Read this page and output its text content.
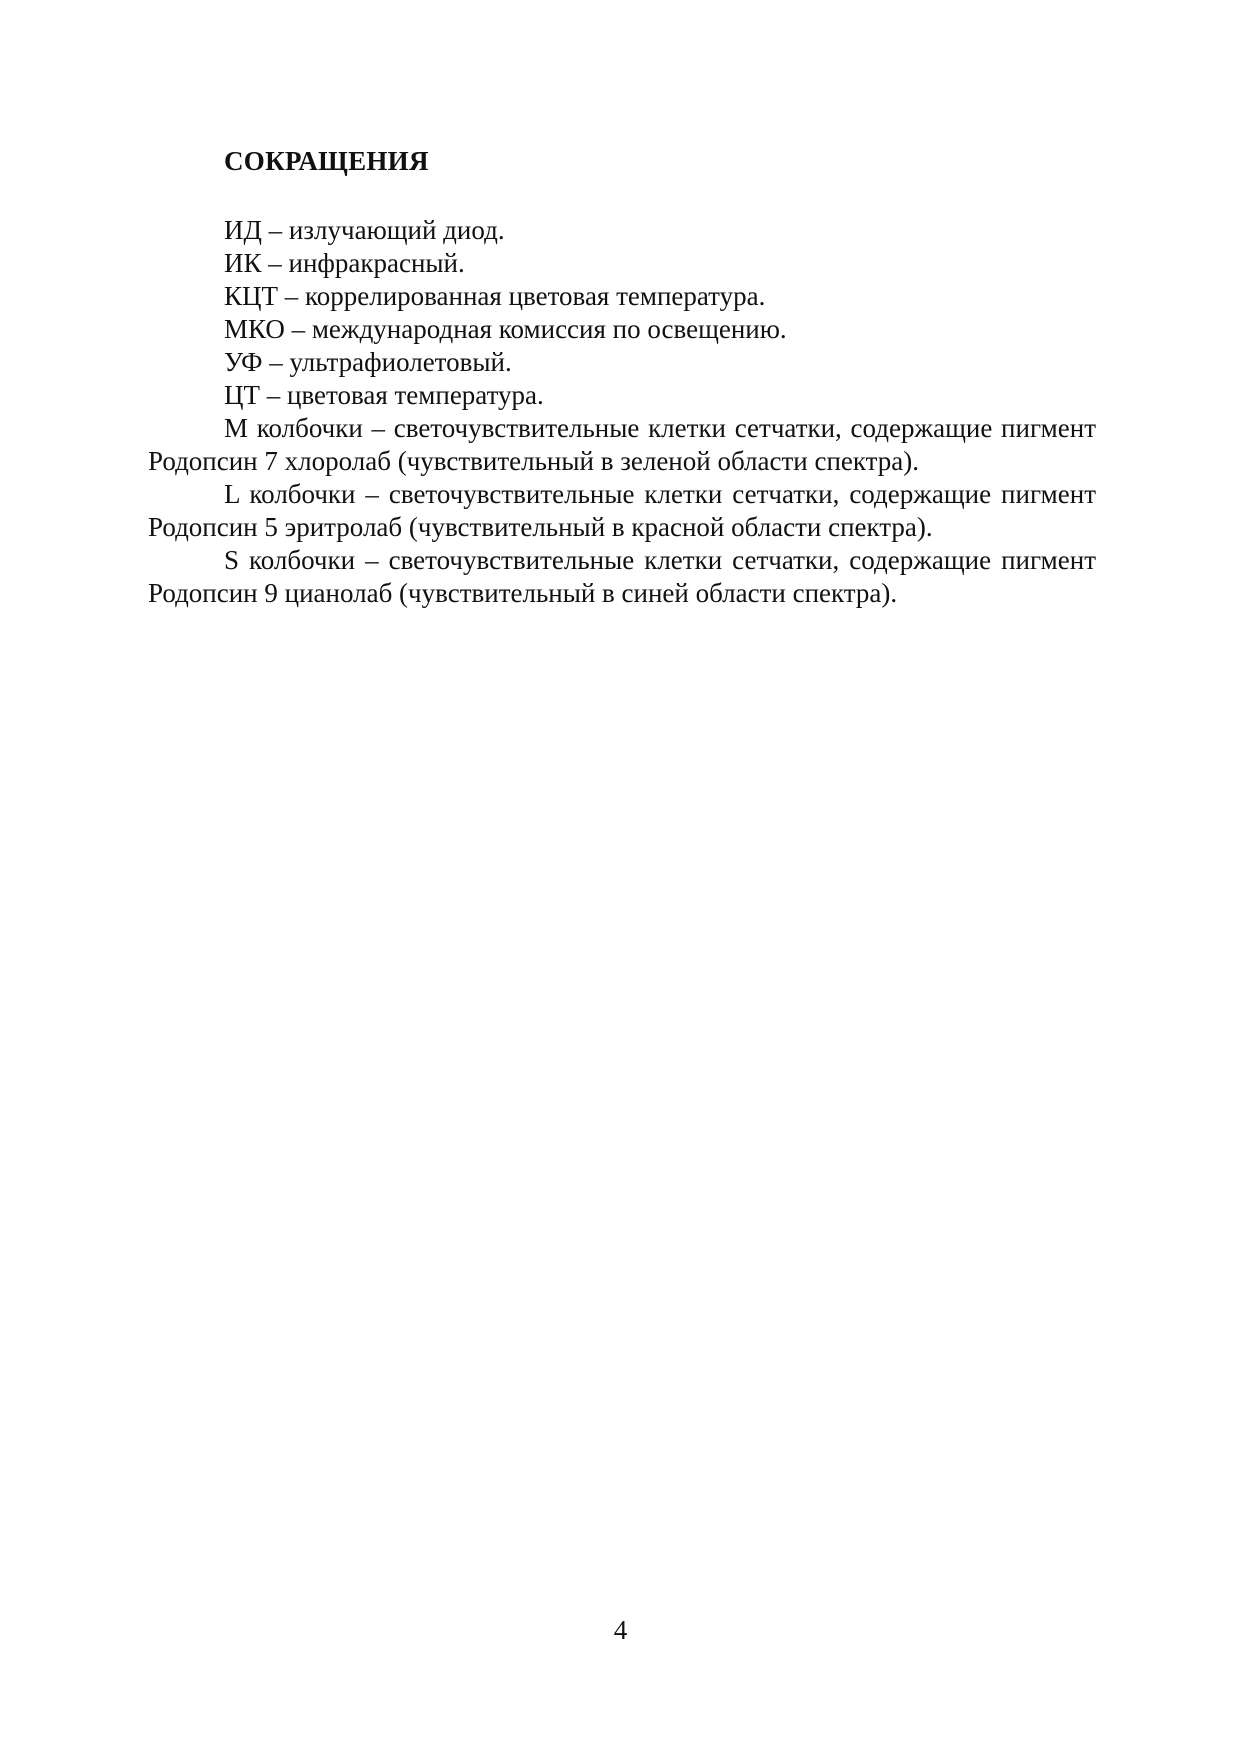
СОКРАЩЕНИЯ

ИД – излучающий диод.

ИК – инфракрасный.

КЦТ – коррелированная цветовая температура.

МКО – международная комиссия по освещению.

УФ – ультрафиолетовый.

ЦТ – цветовая температура.

M колбочки – светочувствительные клетки сетчатки, содержащие пигмент Родопсин 7 хлоролаб (чувствительный в зеленой области спектра).

L колбочки – светочувствительные клетки сетчатки, содержащие пигмент Родопсин 5 эритролаб (чувствительный в красной области спектра).

S колбочки – светочувствительные клетки сетчатки, содержащие пигмент Родопсин 9 цианолаб (чувствительный в синей области спектра).

4
